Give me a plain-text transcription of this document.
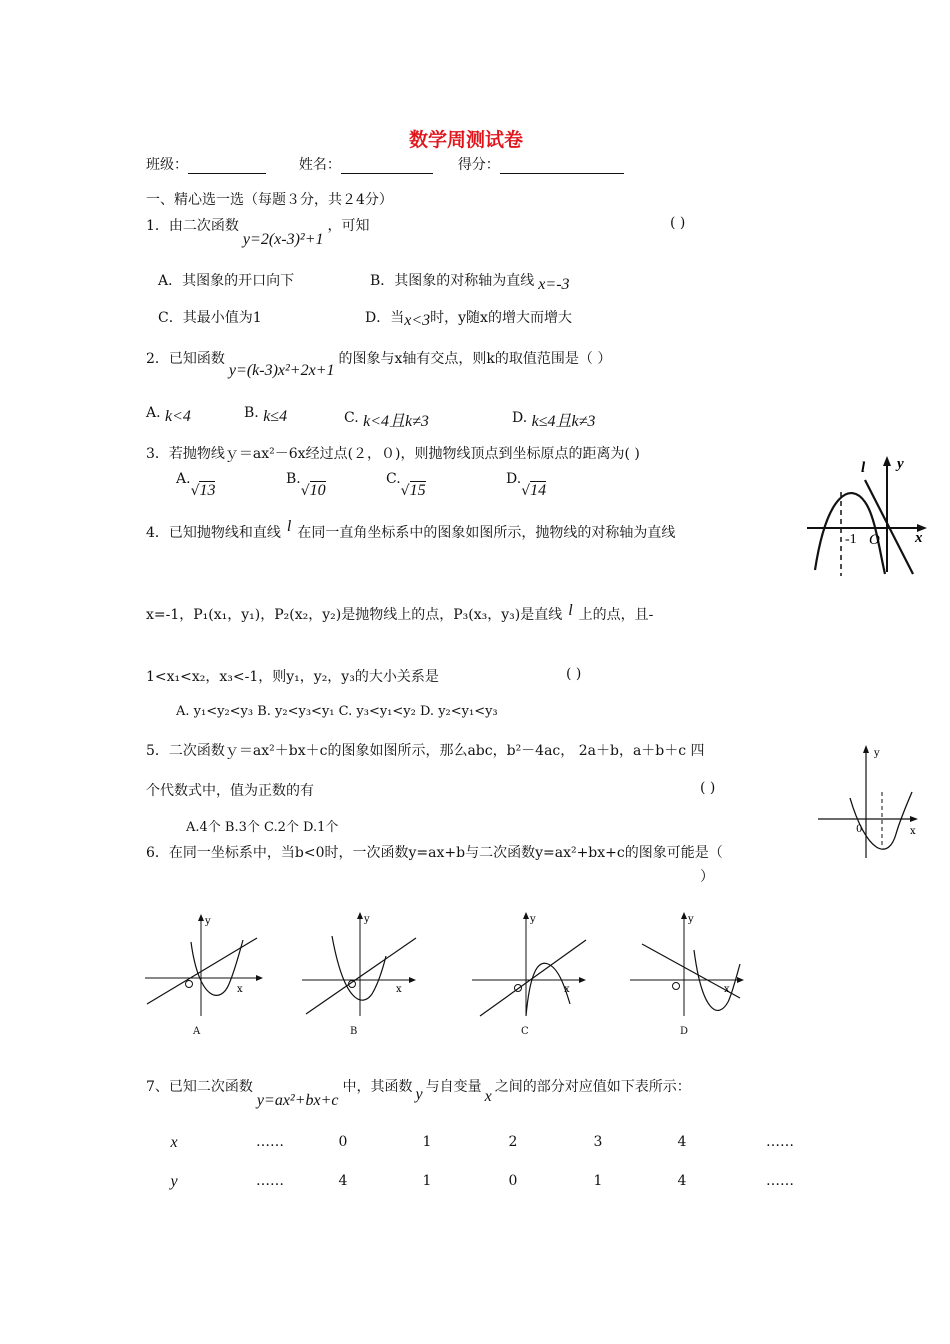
数学周测试卷
班级：	姓名：	得分：
一、精心选一选（每题３分，共２4分）
1．由二次函数y=2(x-3)²+1，可知	( )
A．其图象的开口向下	B．其图象的对称轴为直线 x=-3
C．其最小值为1	D．当x<3时，y随x的增大而增大
2．已知函数y=(k-3)x²+2x+1的图象与x轴有交点，则k的取值范围是（ ）
A. k<4	B. k≤4	C. k<4且k≠3	D. k≤4且k≠3
3．若抛物线ｙ＝ax²－6x经过点(２，０)，则抛物线顶点到坐标原点的距离为( )
A.√13
B.√10
C.√15
D.√14
4．已知抛物线和直线 l 在同一直角坐标系中的图象如图所示，抛物线的对称轴为直线
x=-1，P₁(x₁，y₁)，P₂(x₂，y₂)是抛物线上的点，P₃(x₃，y₃)是直线 l 上的点，且-
1<x₁<x₂，x₃<-1，则y₁，y₂，y₃的大小关系是	( )
A. y₁<y₂<y₃ B. y₂<y₃<y₁ C. y₃<y₁<y₂ D. y₂<y₁<y₃
y
x
l
-1 O
5．二次函数ｙ＝ax²＋bx＋c的图象如图所示，那么abc，b²－4ac， 2a＋b，a＋b＋c 四
个代数式中，值为正数的有	( )
A.4个 B.3个 C.2个 D.1个
y
x
0
6．在同一坐标系中，当b<0时，一次函数y=ax+b与二次函数y=ax²+bx+c的图象可能是（
）
y
x
A
y
x
B
y
x
C
y
x
D
7、已知二次函数y=ax²+bx+c中，其函数 y 与自变量x之间的部分对应值如下表所示：
x	……	0	1	2	3	4	……
y	……	4	1	0	1	4	……
